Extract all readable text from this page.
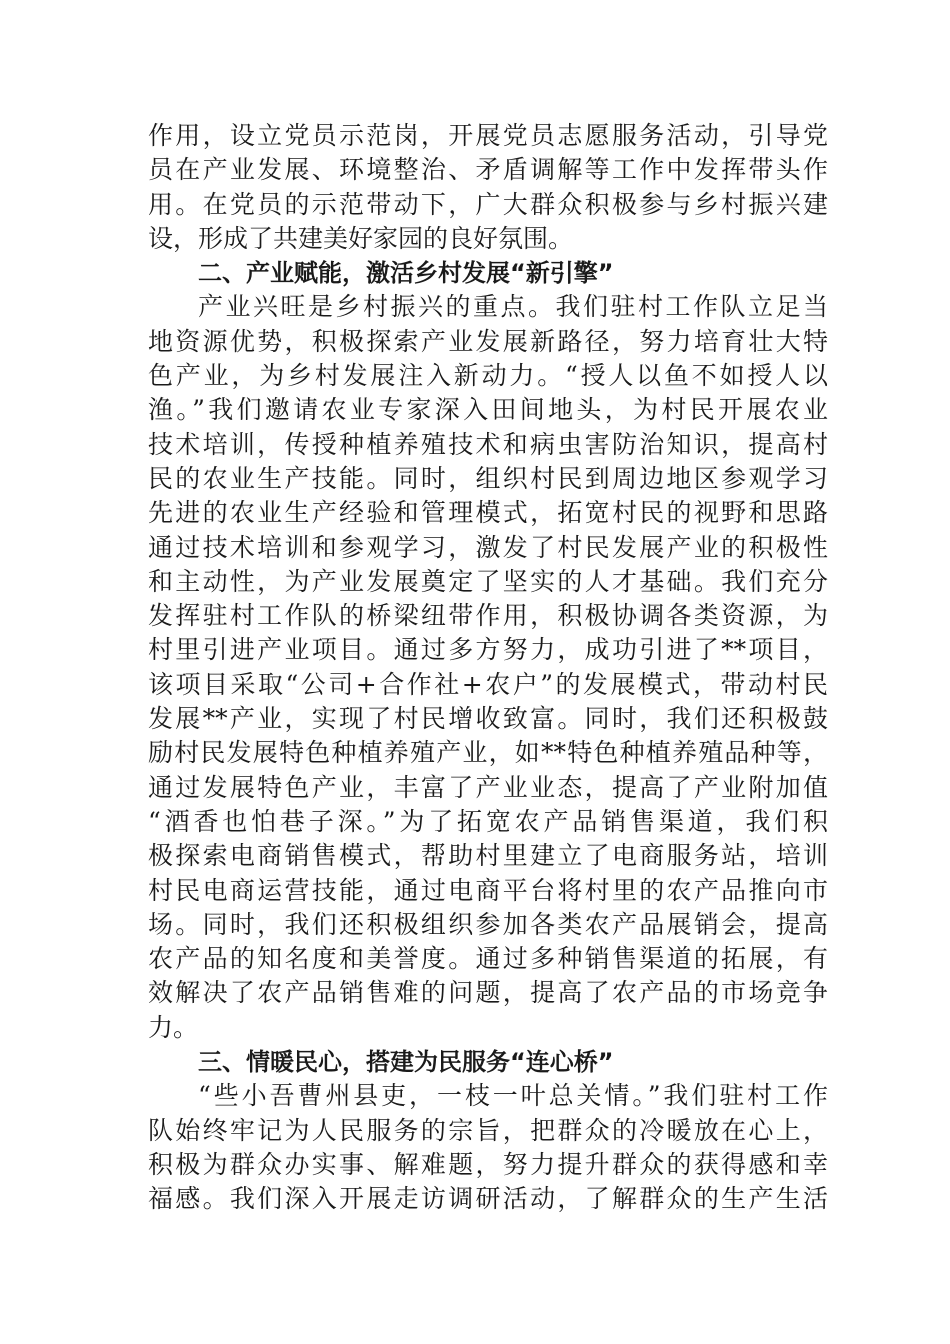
作用，设立党员示范岗，开展党员志愿服务活动，引导党
员在产业发展、环境整治、矛盾调解等工作中发挥带头作
用。在党员的示范带动下，广大群众积极参与乡村振兴建
设，形成了共建美好家园的良好氛围。
二、产业赋能，激活乡村发展“新引擎”
产业兴旺是乡村振兴的重点。我们驻村工作队立足当
地资源优势，积极探索产业发展新路径，努力培育壮大特
色产业，为乡村发展注入新动力。“授人以鱼不如授人以
渔。”我们邀请农业专家深入田间地头，为村民开展农业
技术培训，传授种植养殖技术和病虫害防治知识，提高村
民的农业生产技能。同时，组织村民到周边地区参观学习
先进的农业生产经验和管理模式，拓宽村民的视野和思路
通过技术培训和参观学习，激发了村民发展产业的积极性
和主动性，为产业发展奠定了坚实的人才基础。我们充分
发挥驻村工作队的桥梁纽带作用，积极协调各类资源，为
村里引进产业项目。通过多方努力，成功引进了**项目，
该项目采取“公司+合作社+农户”的发展模式，带动村民
发展**产业，实现了村民增收致富。同时，我们还积极鼓
励村民发展特色种植养殖产业，如**特色种植养殖品种等，
通过发展特色产业，丰富了产业业态，提高了产业附加值
“酒香也怕巷子深。”为了拓宽农产品销售渠道，我们积
极探索电商销售模式，帮助村里建立了电商服务站，培训
村民电商运营技能，通过电商平台将村里的农产品推向市
场。同时，我们还积极组织参加各类农产品展销会，提高
农产品的知名度和美誉度。通过多种销售渠道的拓展，有
效解决了农产品销售难的问题，提高了农产品的市场竞争
力。
三、情暖民心，搭建为民服务“连心桥”
“些小吾曹州县吏，一枝一叶总关情。”我们驻村工作
队始终牢记为人民服务的宗旨，把群众的冷暖放在心上，
积极为群众办实事、解难题，努力提升群众的获得感和幸
福感。我们深入开展走访调研活动，了解群众的生产生活
